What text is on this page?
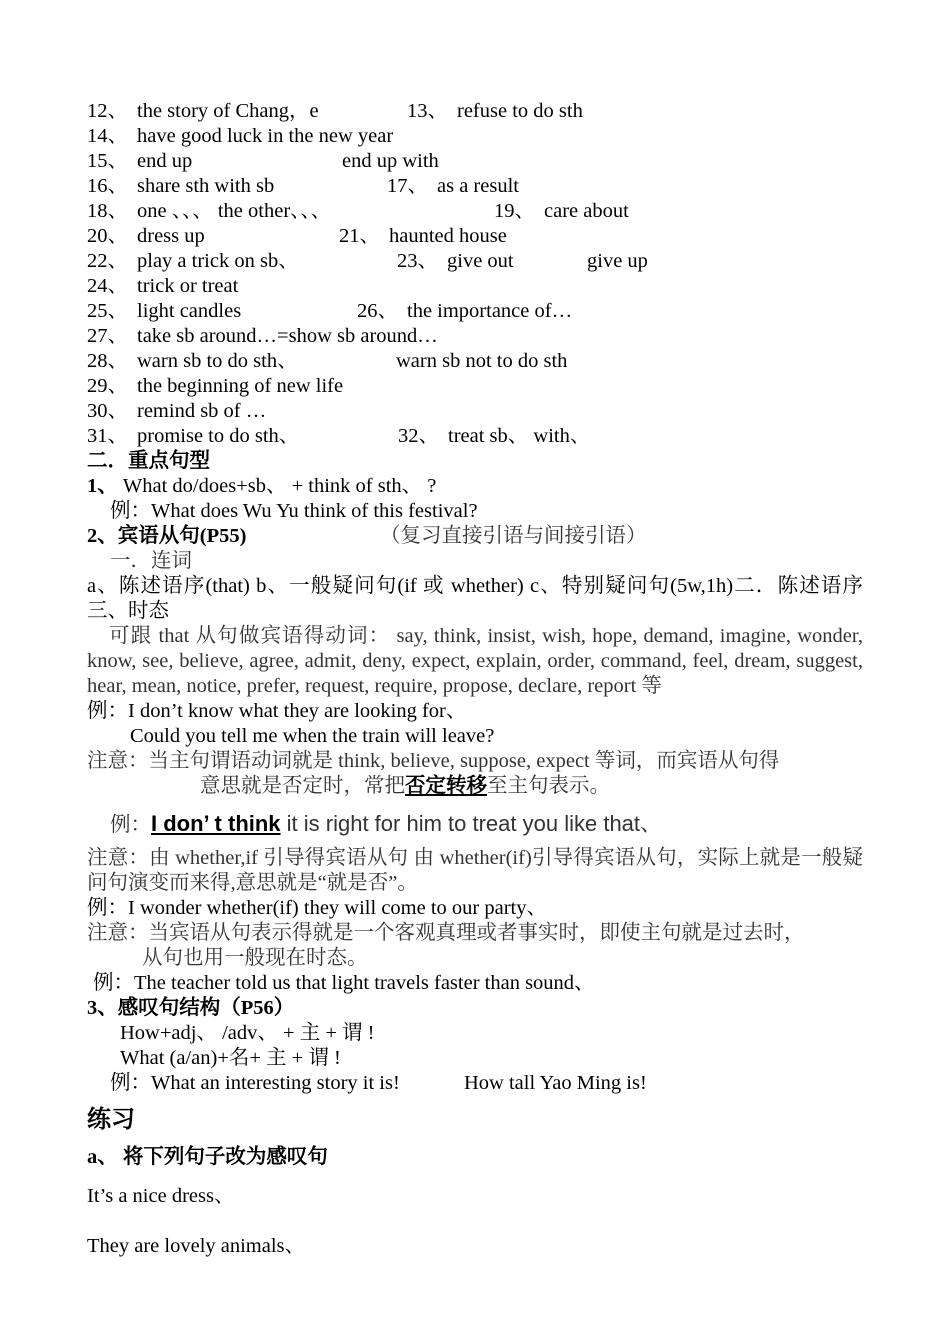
12、 the story of Chang，e	13、 refuse to do sth
14、 have good luck in the new year
15、 end up	end up with
16、 share sth with sb	17、 as a result
18、 one 、、、 the other、、、	19、 care about
20、 dress up	21、 haunted house
22、 play a trick on sb、	23、 give out	give up
24、 trick or treat
25、 light candles	26、 the importance of…
27、 take sb around…=show sb around…
28、 warn sb to do sth、	warn sb not to do sth
29、 the beginning of new life
30、 remind sb of …
31、 promise to do sth、	32、 treat sb、 with、
二．重点句型
1、 What do/does+sb、 + think of sth、 ?
例：What does Wu Yu think of this festival?
2、宾语从句(P55)	（复习直接引语与间接引语）
一．连词
a、陈述语序(that) b、一般疑问句(if 或 whether) c、特别疑问句(5w,1h)二．陈述语序　　三、时态
可跟 that 从句做宾语得动词： say, think, insist, wish, hope, demand, imagine, wonder, know, see, believe, agree, admit, deny, expect, explain, order, command, feel, dream, suggest, hear, mean, notice, prefer, request, require, propose, declare, report 等
例：I don’t know what they are looking for、
Could you tell me when the train will leave?
注意：当主句谓语动词就是 think, believe, suppose, expect 等词，而宾语从句得
意思就是否定时，常把否定转移至主句表示。
例：I don’ t think it is right for him to treat you like that、
注意：由 whether,if 引导得宾语从句 由 whether(if)引导得宾语从句，实际上就是一般疑问句演变而来得,意思就是“就是否”。
例：I wonder whether(if) they will come to our party、
注意：当宾语从句表示得就是一个客观真理或者事实时，即使主句就是过去时，
从句也用一般现在时态。
例：The teacher told us that light travels faster than sound、
3、感叹句结构（P56）
How+adj、 /adv、 + 主 + 谓 !
What (a/an)+名+ 主 + 谓 !
例：What an interesting story it is!	How tall Yao Ming is!
练习
a、 将下列句子改为感叹句
It’s a nice dress、
They are lovely animals、
